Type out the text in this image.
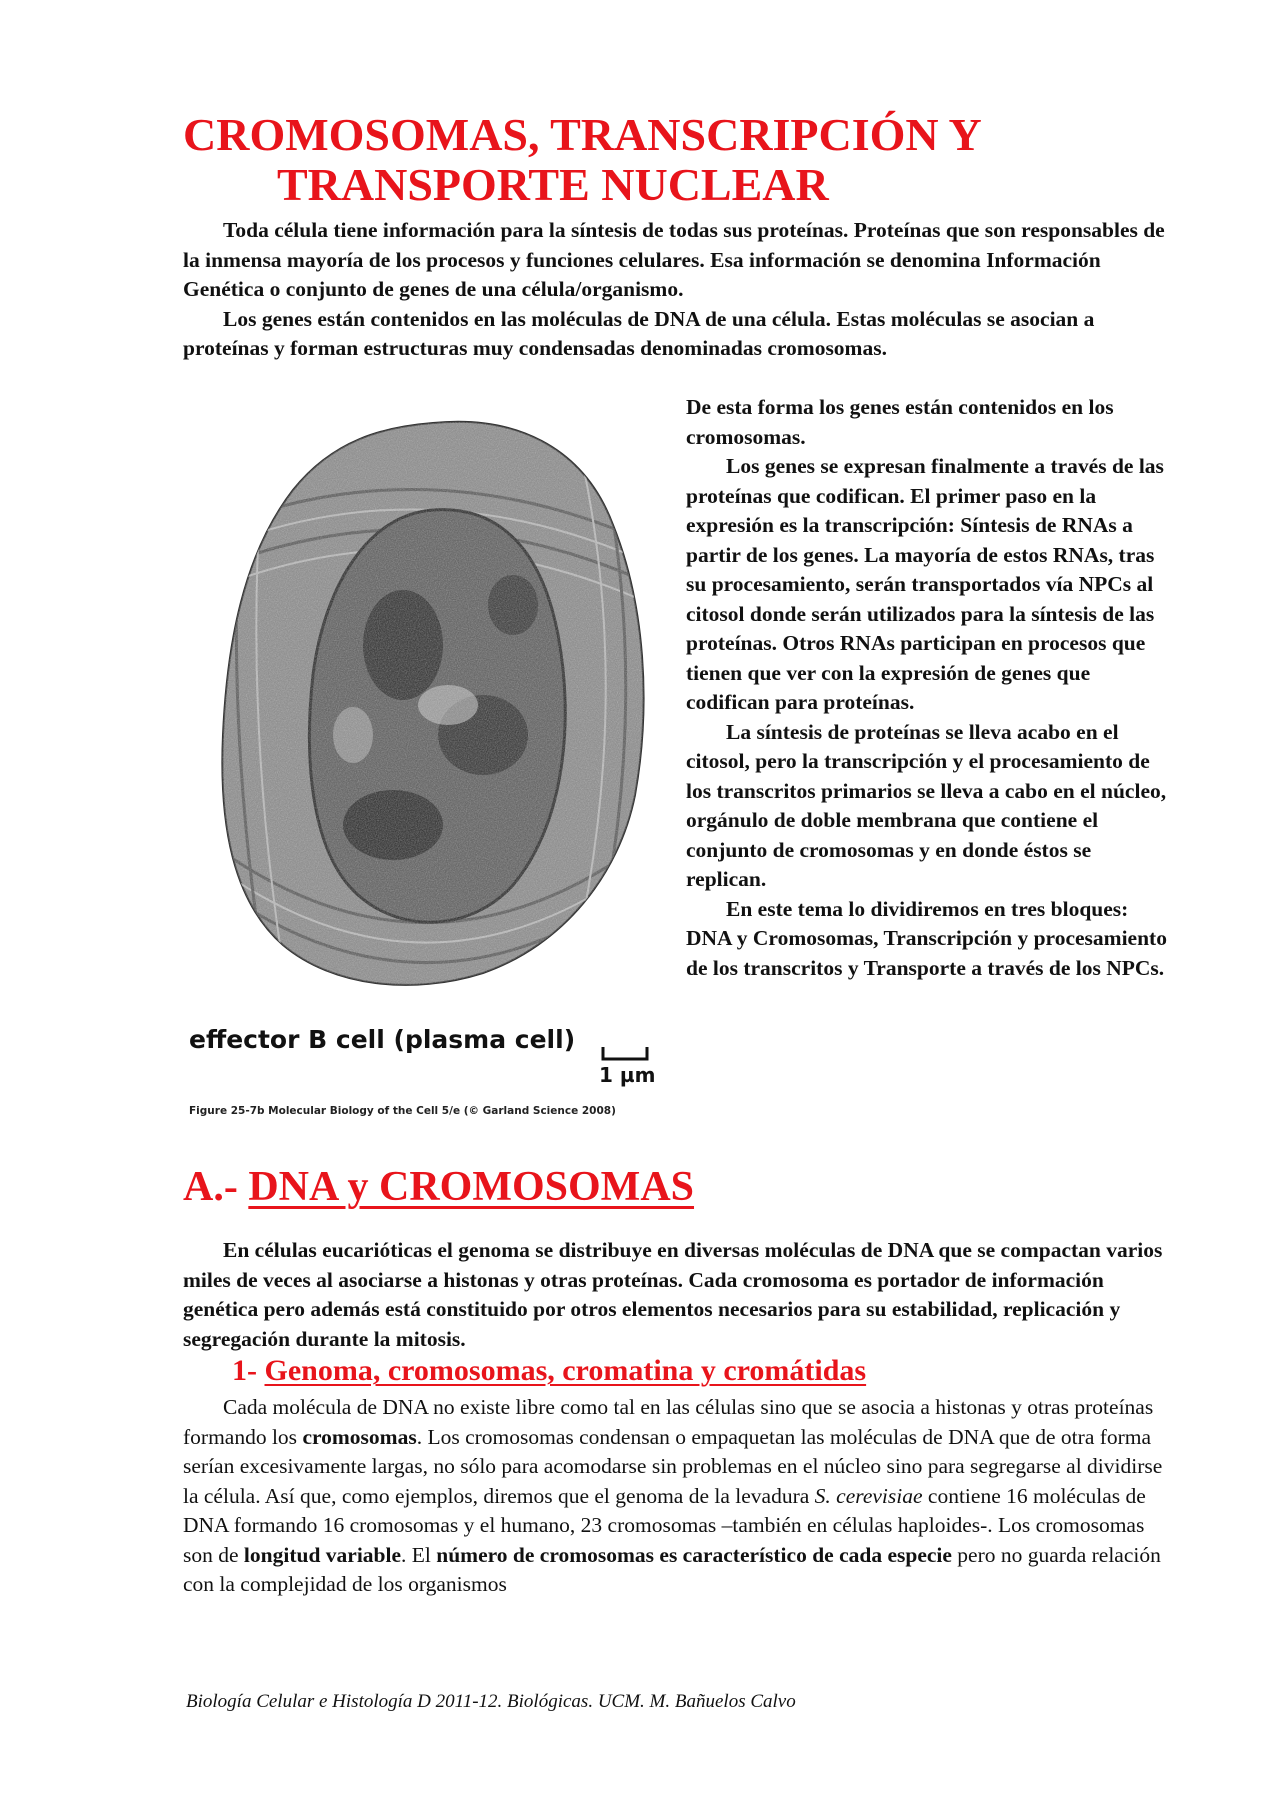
CROMOSOMAS, TRANSCRIPCIÓN Y
TRANSPORTE NUCLEAR

Toda célula tiene información para la síntesis de todas sus proteínas. Proteínas que son responsables de la inmensa mayoría de los procesos y funciones celulares. Esa información se denomina Información Genética o conjunto de genes de una célula/organismo.

Los genes están contenidos en las moléculas de DNA de una célula. Estas moléculas se asocian a proteínas y forman estructuras muy condensadas denominadas cromosomas.

effector B cell (plasma cell)
1 µm
Figure 25-7b Molecular Biology of the Cell 5/e (© Garland Science 2008)

De esta forma los genes están contenidos en los cromosomas.

Los genes se expresan finalmente a través de las proteínas que codifican. El primer paso en la expresión es la transcripción: Síntesis de RNAs a partir de los genes. La mayoría de estos RNAs, tras su procesamiento, serán transportados vía NPCs al citosol donde serán utilizados para la síntesis de las proteínas. Otros RNAs participan en procesos que tienen que ver con la expresión de genes que codifican para proteínas.

La síntesis de proteínas se lleva acabo en el citosol, pero la transcripción y el procesamiento de los transcritos primarios se lleva a cabo en el núcleo, orgánulo de doble membrana que contiene el conjunto de cromosomas y en donde éstos se replican.

En este tema lo dividiremos en tres bloques: DNA y Cromosomas, Transcripción y procesamiento de los transcritos y Transporte a través de los NPCs.

A.- DNA y CROMOSOMAS

En células eucarióticas el genoma se distribuye en diversas moléculas de DNA que se compactan varios miles de veces al asociarse a histonas y otras proteínas. Cada cromosoma es portador de información genética pero además está constituido por otros elementos necesarios para su estabilidad, replicación y segregación durante la mitosis.

1- Genoma, cromosomas, cromatina y cromátidas

Cada molécula de DNA no existe libre como tal en las células sino que se asocia a histonas y otras proteínas formando los cromosomas. Los cromosomas condensan o empaquetan las moléculas de DNA que de otra forma serían excesivamente largas, no sólo para acomodarse sin problemas en el núcleo sino para segregarse al dividirse la célula. Así que, como ejemplos, diremos que el genoma de la levadura S. cerevisiae contiene 16 moléculas de DNA formando 16 cromosomas y el humano, 23 cromosomas –también en células haploides-. Los cromosomas son de longitud variable. El número de cromosomas es característico de cada especie pero no guarda relación con la complejidad de los organismos

Biología Celular e Histología D 2011-12. Biológicas. UCM. M. Bañuelos Calvo
